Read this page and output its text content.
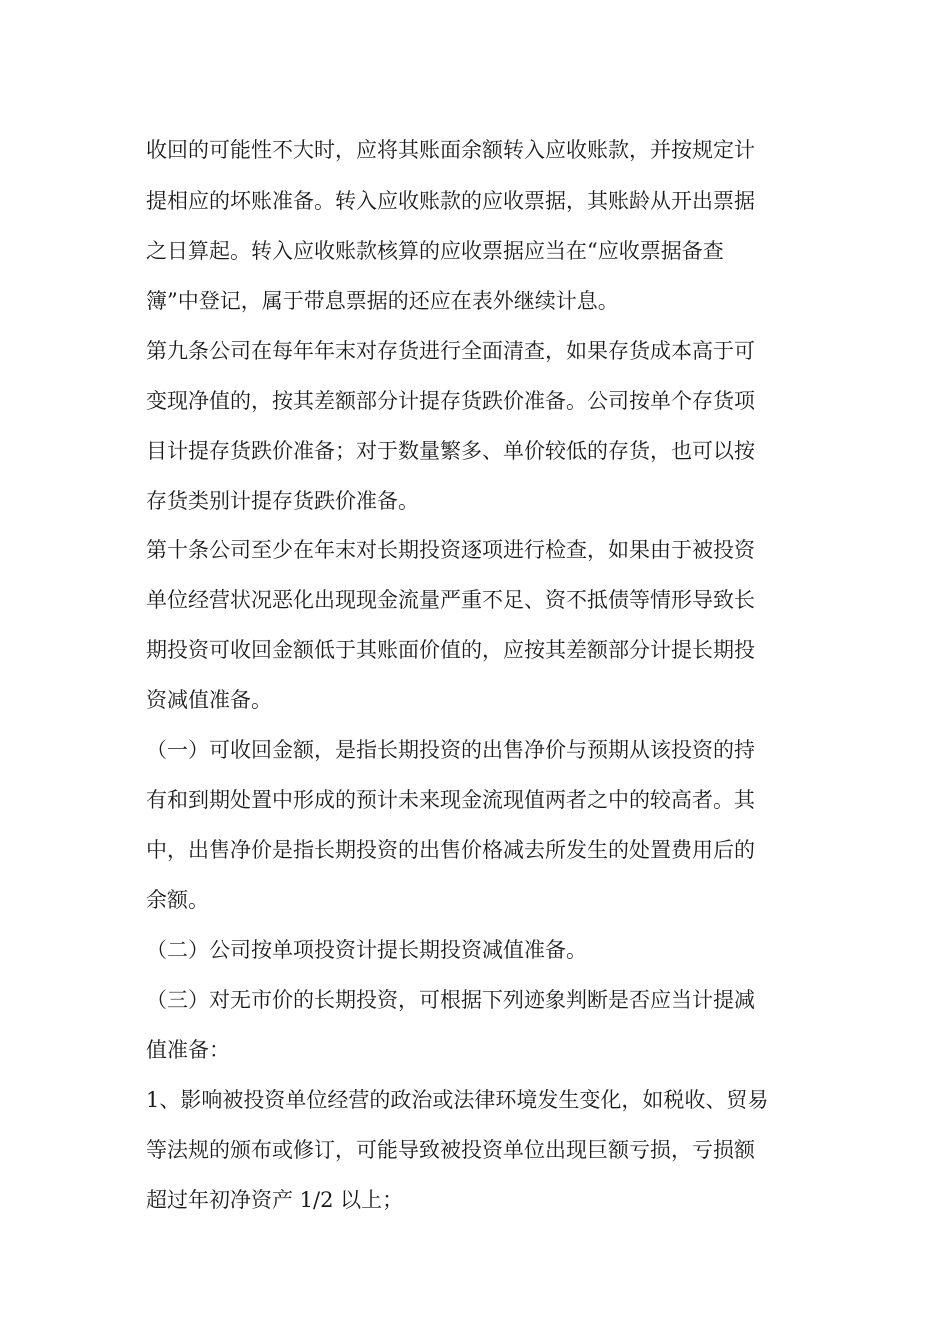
收回的可能性不大时，应将其账面余额转入应收账款，并按规定计
提相应的坏账准备。转入应收账款的应收票据，其账龄从开出票据
之日算起。转入应收账款核算的应收票据应当在“应收票据备查
簿”中登记，属于带息票据的还应在表外继续计息。
第九条公司在每年年末对存货进行全面清查，如果存货成本高于可
变现净值的，按其差额部分计提存货跌价准备。公司按单个存货项
目计提存货跌价准备；对于数量繁多、单价较低的存货，也可以按
存货类别计提存货跌价准备。
第十条公司至少在年末对长期投资逐项进行检查，如果由于被投资
单位经营状况恶化出现现金流量严重不足、资不抵债等情形导致长
期投资可收回金额低于其账面价值的，应按其差额部分计提长期投
资减值准备。
（一）可收回金额，是指长期投资的出售净价与预期从该投资的持
有和到期处置中形成的预计未来现金流现值两者之中的较高者。其
中，出售净价是指长期投资的出售价格减去所发生的处置费用后的
余额。
（二）公司按单项投资计提长期投资减值准备。
（三）对无市价的长期投资，可根据下列迹象判断是否应当计提减
值准备：
1、影响被投资单位经营的政治或法律环境发生变化，如税收、贸易
等法规的颁布或修订，可能导致被投资单位出现巨额亏损，亏损额
超过年初净资产 1/2 以上；
